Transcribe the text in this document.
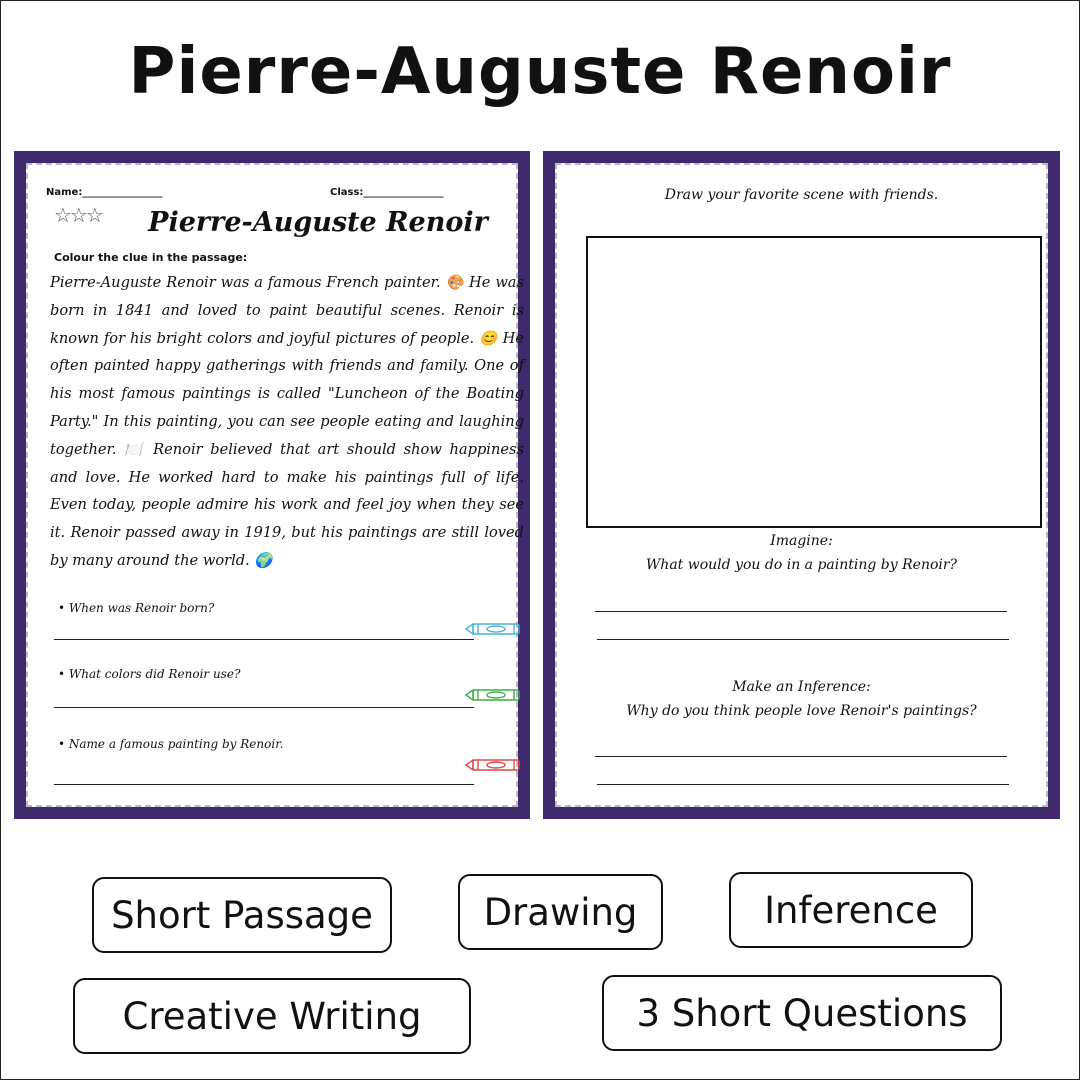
Pierre-Auguste Renoir
Name:________________	Class:________________
☆☆☆	Pierre-Auguste Renoir
Colour the clue in the passage:
Pierre-Auguste Renoir was a famous French painter. 🎨 He was born in 1841 and loved to paint beautiful scenes. Renoir is known for his bright colors and joyful pictures of people. 😊 He often painted happy gatherings with friends and family. One of his most famous paintings is called "Luncheon of the Boating Party." In this painting, you can see people eating and laughing together. 🍽️ Renoir believed that art should show happiness and love. He worked hard to make his paintings full of life. Even today, people admire his work and feel joy when they see it. Renoir passed away in 1919, but his paintings are still loved by many around the world. 🌍
• When was Renoir born?
• What colors did Renoir use?
• Name a famous painting by Renoir.
Draw your favorite scene with friends.
Imagine:
What would you do in a painting by Renoir?
Make an Inference:
Why do you think people love Renoir's paintings?
Short Passage	Drawing	Inference
Creative Writing	3 Short Questions
